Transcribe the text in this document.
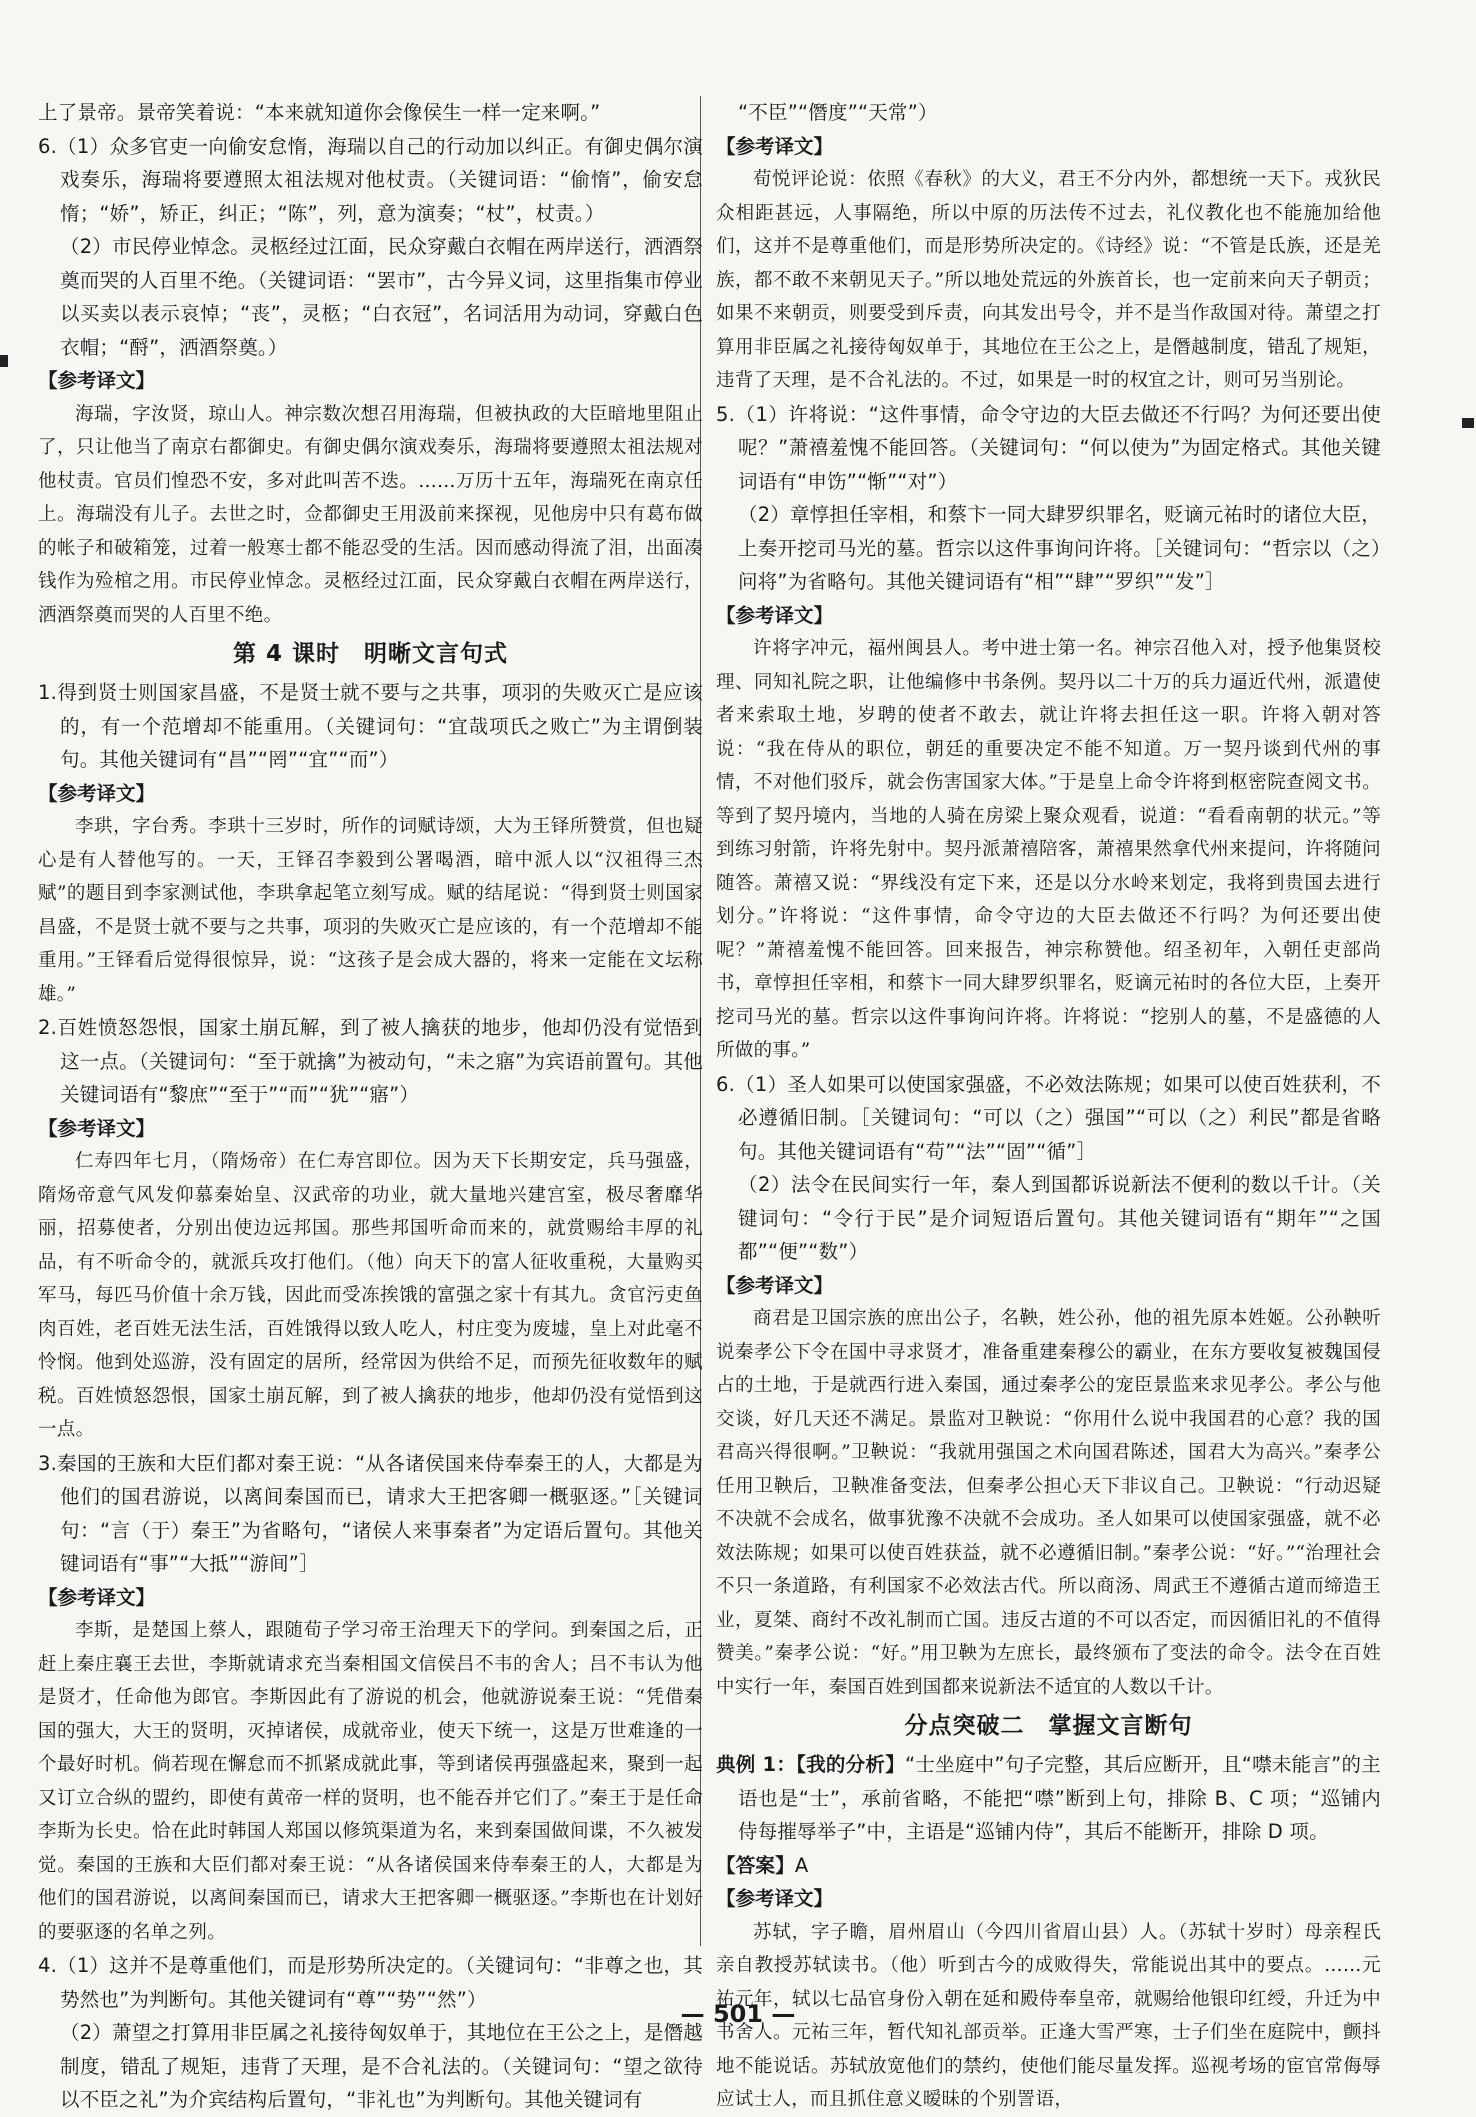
上了景帝。景帝笑着说：“本来就知道你会像侯生一样一定来啊。”

6.（1）众多官吏一向偷安怠惰，海瑞以自己的行动加以纠正。有御史偶尔演戏奏乐，海瑞将要遵照太祖法规对他杖责。（关键词语：“偷惰”，偷安怠惰；“娇”，矫正，纠正；“陈”，列，意为演奏；“杖”，杖责。）

（2）市民停业悼念。灵柩经过江面，民众穿戴白衣帽在两岸送行，洒酒祭奠而哭的人百里不绝。（关键词语：“罢市”，古今异义词，这里指集市停业以买卖以表示哀悼；“丧”，灵柩；“白衣冠”，名词活用为动词，穿戴白色衣帽；“酹”，洒酒祭奠。）

【参考译文】

海瑞，字汝贤，琼山人。神宗数次想召用海瑞，但被执政的大臣暗地里阻止了，只让他当了南京右都御史。有御史偶尔演戏奏乐，海瑞将要遵照太祖法规对他杖责。官员们惶恐不安，多对此叫苦不迭。……万历十五年，海瑞死在南京任上。海瑞没有儿子。去世之时，佥都御史王用汲前来探视，见他房中只有葛布做的帐子和破箱笼，过着一般寒士都不能忍受的生活。因而感动得流了泪，出面凑钱作为殓棺之用。市民停业悼念。灵柩经过江面，民众穿戴白衣帽在两岸送行，洒酒祭奠而哭的人百里不绝。

第 4 课时　明晰文言句式

1.得到贤士则国家昌盛，不是贤士就不要与之共事，项羽的失败灭亡是应该的，有一个范增却不能重用。（关键词句：“宜哉项氏之败亡”为主谓倒装句。其他关键词有“昌”“罔”“宜”“而”）

【参考译文】

李珙，字台秀。李珙十三岁时，所作的词赋诗颂，大为王铎所赞赏，但也疑心是有人替他写的。一天，王铎召李毅到公署喝酒，暗中派人以“汉祖得三杰赋”的题目到李家测试他，李珙拿起笔立刻写成。赋的结尾说：“得到贤士则国家昌盛，不是贤士就不要与之共事，项羽的失败灭亡是应该的，有一个范增却不能重用。”王铎看后觉得很惊异，说：“这孩子是会成大器的，将来一定能在文坛称雄。”

2.百姓愤怒怨恨，国家土崩瓦解，到了被人擒获的地步，他却仍没有觉悟到这一点。（关键词句：“至于就擒”为被动句，“未之寤”为宾语前置句。其他关键词语有“黎庶”“至于”“而”“犹”“寤”）

【参考译文】

仁寿四年七月，（隋炀帝）在仁寿宫即位。因为天下长期安定，兵马强盛，隋炀帝意气风发仰慕秦始皇、汉武帝的功业，就大量地兴建宫室，极尽奢靡华丽，招募使者，分别出使边远邦国。那些邦国听命而来的，就赏赐给丰厚的礼品，有不听命令的，就派兵攻打他们。（他）向天下的富人征收重税，大量购买军马，每匹马价值十余万钱，因此而受冻挨饿的富强之家十有其九。贪官污吏鱼肉百姓，老百姓无法生活，百姓饿得以致人吃人，村庄变为废墟，皇上对此毫不怜悯。他到处巡游，没有固定的居所，经常因为供给不足，而预先征收数年的赋税。百姓愤怒怨恨，国家土崩瓦解，到了被人擒获的地步，他却仍没有觉悟到这一点。

3.秦国的王族和大臣们都对秦王说：“从各诸侯国来侍奉秦王的人，大都是为他们的国君游说，以离间秦国而已，请求大王把客卿一概驱逐。”［关键词句：“言（于）秦王”为省略句，“诸侯人来事秦者”为定语后置句。其他关键词语有“事”“大抵”“游间”］

【参考译文】

李斯，是楚国上蔡人，跟随荀子学习帝王治理天下的学问。到秦国之后，正赶上秦庄襄王去世，李斯就请求充当秦相国文信侯吕不韦的舍人；吕不韦认为他是贤才，任命他为郎官。李斯因此有了游说的机会，他就游说秦王说：“凭借秦国的强大，大王的贤明，灭掉诸侯，成就帝业，使天下统一，这是万世难逢的一个最好时机。倘若现在懈怠而不抓紧成就此事，等到诸侯再强盛起来，聚到一起又订立合纵的盟约，即使有黄帝一样的贤明，也不能吞并它们了。”秦王于是任命李斯为长史。恰在此时韩国人郑国以修筑渠道为名，来到秦国做间谍，不久被发觉。秦国的王族和大臣们都对秦王说：“从各诸侯国来侍奉秦王的人，大都是为他们的国君游说，以离间秦国而已，请求大王把客卿一概驱逐。”李斯也在计划好的要驱逐的名单之列。

4.（1）这并不是尊重他们，而是形势所决定的。（关键词句：“非尊之也，其势然也”为判断句。其他关键词有“尊”“势”“然”）

（2）萧望之打算用非臣属之礼接待匈奴单于，其地位在王公之上，是僭越制度，错乱了规矩，违背了天理，是不合礼法的。（关键词句：“望之欲待以不臣之礼”为介宾结构后置句，“非礼也”为判断句。其他关键词有

“不臣”“僭度”“天常”）

【参考译文】

荀悦评论说：依照《春秋》的大义，君王不分内外，都想统一天下。戎狄民众相距甚远，人事隔绝，所以中原的历法传不过去，礼仪教化也不能施加给他们，这并不是尊重他们，而是形势所决定的。《诗经》说：“不管是氐族，还是羌族，都不敢不来朝见天子。”所以地处荒远的外族首长，也一定前来向天子朝贡；如果不来朝贡，则要受到斥责，向其发出号令，并不是当作敌国对待。萧望之打算用非臣属之礼接待匈奴单于，其地位在王公之上，是僭越制度，错乱了规矩，违背了天理，是不合礼法的。不过，如果是一时的权宜之计，则可另当别论。

5.（1）许将说：“这件事情，命令守边的大臣去做还不行吗？为何还要出使呢？”萧禧羞愧不能回答。（关键词句：“何以使为”为固定格式。其他关键词语有“申饬”“惭”“对”）

（2）章惇担任宰相，和蔡卞一同大肆罗织罪名，贬谪元祐时的诸位大臣，上奏开挖司马光的墓。哲宗以这件事询问许将。［关键词句：“哲宗以（之）问将”为省略句。其他关键词语有“相”“肆”“罗织”“发”］

【参考译文】

许将字冲元，福州闽县人。考中进士第一名。神宗召他入对，授予他集贤校理、同知礼院之职，让他编修中书条例。契丹以二十万的兵力逼近代州，派遣使者来索取土地，岁聘的使者不敢去，就让许将去担任这一职。许将入朝对答说：“我在侍从的职位，朝廷的重要决定不能不知道。万一契丹谈到代州的事情，不对他们驳斥，就会伤害国家大体。”于是皇上命令许将到枢密院查阅文书。等到了契丹境内，当地的人骑在房梁上聚众观看，说道：“看看南朝的状元。”等到练习射箭，许将先射中。契丹派萧禧陪客，萧禧果然拿代州来提问，许将随问随答。萧禧又说：“界线没有定下来，还是以分水岭来划定，我将到贵国去进行划分。”许将说：“这件事情，命令守边的大臣去做还不行吗？为何还要出使呢？”萧禧羞愧不能回答。回来报告，神宗称赞他。绍圣初年，入朝任吏部尚书，章惇担任宰相，和蔡卞一同大肆罗织罪名，贬谪元祐时的各位大臣，上奏开挖司马光的墓。哲宗以这件事询问许将。许将说：“挖别人的墓，不是盛德的人所做的事。”

6.（1）圣人如果可以使国家强盛，不必效法陈规；如果可以使百姓获利，不必遵循旧制。［关键词句：“可以（之）强国”“可以（之）利民”都是省略句。其他关键词语有“苟”“法”“固”“循”］

（2）法令在民间实行一年，秦人到国都诉说新法不便利的数以千计。（关键词句：“令行于民”是介词短语后置句。其他关键词语有“期年”“之国都”“便”“数”）

【参考译文】

商君是卫国宗族的庶出公子，名鞅，姓公孙，他的祖先原本姓姬。公孙鞅听说秦孝公下令在国中寻求贤才，准备重建秦穆公的霸业，在东方要收复被魏国侵占的土地，于是就西行进入秦国，通过秦孝公的宠臣景监来求见孝公。孝公与他交谈，好几天还不满足。景监对卫鞅说：“你用什么说中我国君的心意？我的国君高兴得很啊。”卫鞅说：“我就用强国之术向国君陈述，国君大为高兴。”秦孝公任用卫鞅后，卫鞅准备变法，但秦孝公担心天下非议自己。卫鞅说：“行动迟疑不决就不会成名，做事犹豫不决就不会成功。圣人如果可以使国家强盛，就不必效法陈规；如果可以使百姓获益，就不必遵循旧制。”秦孝公说：“好。”“治理社会不只一条道路，有利国家不必效法古代。所以商汤、周武王不遵循古道而缔造王业，夏桀、商纣不改礼制而亡国。违反古道的不可以否定，而因循旧礼的不值得赞美。”秦孝公说：“好。”用卫鞅为左庶长，最终颁布了变法的命令。法令在百姓中实行一年，秦国百姓到国都来说新法不适宜的人数以千计。

分点突破二　掌握文言断句

典例 1：【我的分析】“士坐庭中”句子完整，其后应断开，且“噤未能言”的主语也是“士”，承前省略，不能把“噤”断到上句，排除 B、C 项；“巡铺内侍每摧辱举子”中，主语是“巡铺内侍”，其后不能断开，排除 D 项。

【答案】A

【参考译文】

苏轼，字子瞻，眉州眉山（今四川省眉山县）人。（苏轼十岁时）母亲程氏亲自教授苏轼读书。（他）听到古今的成败得失，常能说出其中的要点。……元祐元年，轼以七品官身份入朝在延和殿侍奉皇帝，就赐给他银印红绶，升迁为中书舍人。元祐三年，暂代知礼部贡举。正逢大雪严寒，士子们坐在庭院中，颤抖地不能说话。苏轼放宽他们的禁约，使他们能尽量发挥。巡视考场的宦官常侮辱应试士人，而且抓住意义暧昧的个别詈语，

— 501 —
